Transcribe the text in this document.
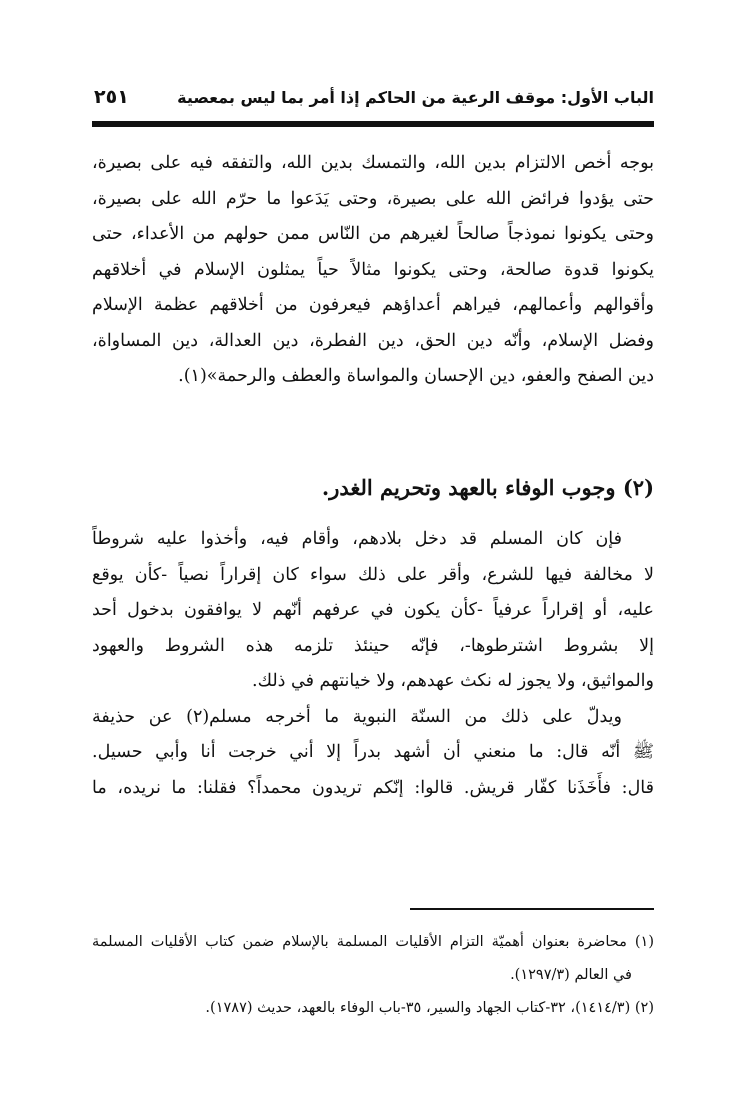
الباب الأول: موقف الرعية من الحاكم إذا أمر بما ليس بمعصية
٢٥١
بوجه أخص الالتزام بدين الله، والتمسك بدين الله، والتفقه فيه على بصيرة،
حتى يؤدوا فرائض الله على بصيرة، وحتى يَدَعوا ما حرّم الله على بصيرة،
وحتى يكونوا نموذجاً صالحاً لغيرهم من النّاس ممن حولهم من الأعداء، حتى
يكونوا قدوة صالحة، وحتى يكونوا مثالاً حياً يمثلون الإسلام في أخلاقهم
وأقوالهم وأعمالهم، فيراهم أعداؤهم فيعرفون من أخلاقهم عظمة الإسلام
وفضل الإسلام، وأنّه دين الحق، دين الفطرة، دين العدالة، دين المساواة،
دين الصفح والعفو، دين الإحسان والمواساة والعطف والرحمة»(١).
(٢) وجوب الوفاء بالعهد وتحريم الغدر.
فإن كان المسلم قد دخل بلادهم، وأقام فيه، وأخذوا عليه شروطاً
لا مخالفة فيها للشرع، وأقر على ذلك سواء كان إقراراً نصياً -كأن يوقع
عليه، أو إقراراً عرفياً -كأن يكون في عرفهم أنّهم لا يوافقون بدخول أحد
إلا بشروط اشترطوها-، فإنّه حينئذ تلزمه هذه الشروط والعهود
والمواثيق، ولا يجوز له نكث عهدهم، ولا خيانتهم في ذلك.
ويدلّ على ذلك من السنّة النبوية ما أخرجه مسلم(٢) عن حذيفة
ﷺ أنّه قال: ما منعني أن أشهد بدراً إلا أني خرجت أنا وأبي حسيل.
قال: فأَخَذَنا كفّار قريش. قالوا: إنّكم تريدون محمداً؟ فقلنا: ما نريده، ما
(١) محاضرة بعنوان أهميّة التزام الأقليات المسلمة بالإسلام ضمن كتاب الأقليات المسلمة
في العالم (١٢٩٧/٣).
(٢) (١٤١٤/٣)، ٣٢-كتاب الجهاد والسير، ٣٥-باب الوفاء بالعهد، حديث (١٧٨٧).
